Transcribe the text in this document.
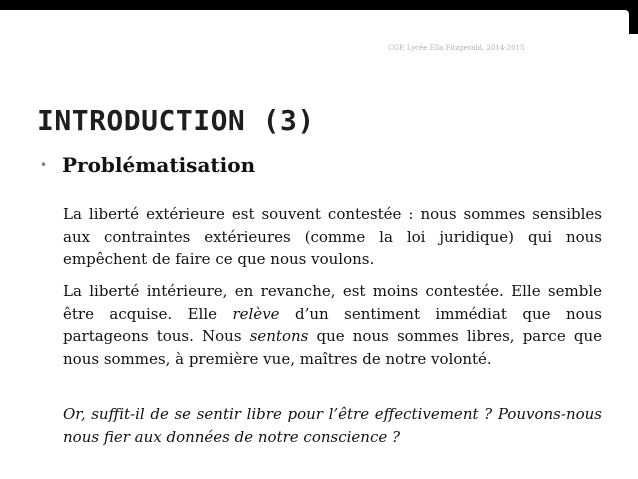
CGP, Lycée Ella Fitzgerald, 2014-2015
INTRODUCTION (3)
• Problématisation

La liberté extérieure est souvent contestée : nous sommes sensibles aux contraintes extérieures (comme la loi juridique) qui nous empêchent de faire ce que nous voulons.

La liberté intérieure, en revanche, est moins contestée. Elle semble être acquise. Elle relève d’un sentiment immédiat que nous partageons tous. Nous sentons que nous sommes libres, parce que nous sommes, à première vue, maîtres de notre volonté.

Or, suffit-il de se sentir libre pour l’être effectivement ? Pouvons-nous nous fier aux données de notre conscience ?
